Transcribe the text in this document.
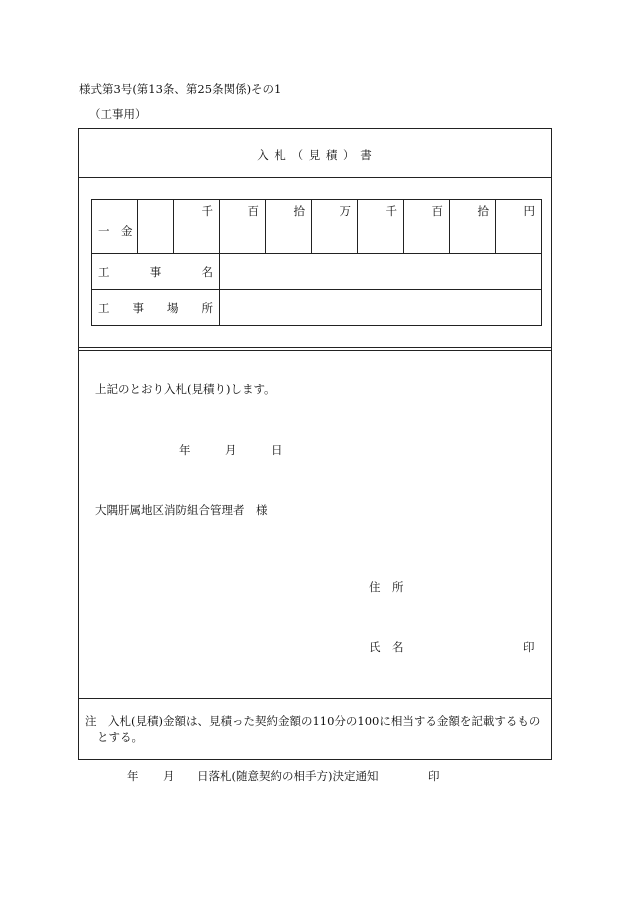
様式第3号(第13条、第25条関係)その1
（工事用）
入 札 （ 見 積 ） 書
一　金		千	百	拾	万	千	百	拾	円

工 事 名									

工 事 場 所									

上記のとおり入札(見積り)します。
年	月	日
大隅肝属地区消防組合管理者　様
住　所
氏　名	印
注　入札(見積)金額は、見積った契約金額の110分の100に相当する金額を記載するもの
とする。
年 月 日落札(随意契約の相手方)決定通知	印
